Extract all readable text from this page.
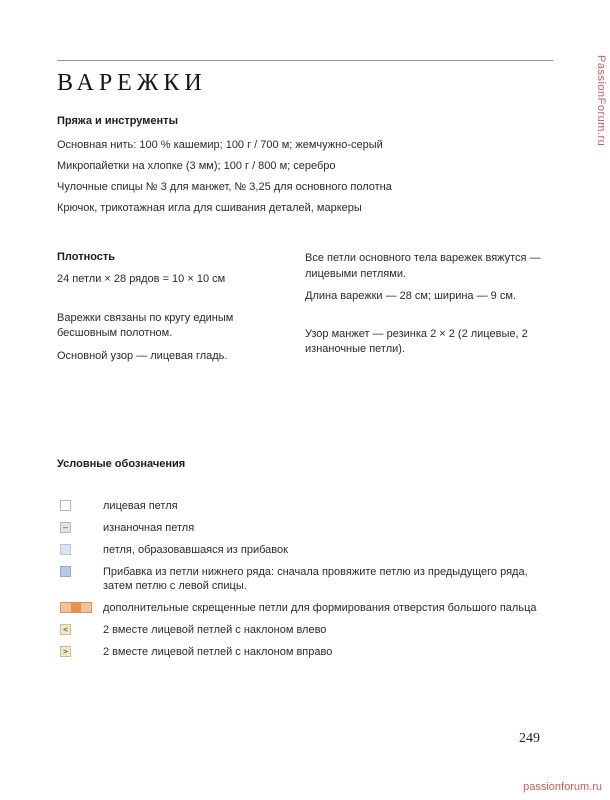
PassionForum.ru
ВАРЕЖКИ
Пряжа и инструменты

Основная нить: 100 % кашемир; 100 г / 700 м; жемчужно-серый

Микропайетки на хлопке (3 мм); 100 г / 800 м; серебро

Чулочные спицы № 3 для манжет, № 3,25 для основного полотна

Крючок, трикотажная игла для сшивания деталей, маркеры

Плотность

24 петли × 28 рядов = 10 × 10 см

Варежки связаны по кругу единым бесшовным полотном.

Основной узор — лицевая гладь.

Все петли основного тела варежек вяжутся — лицевыми петлями.

Длина варежки — 28 см; ширина — 9 см.

Узор манжет — резинка 2 × 2 (2 лицевые, 2 изнаночные петли).

Условные обозначения
лицевая петля
–	изнаночная петля
петля, образовавшаяся из прибавок
Прибавка из петли нижнего ряда: сначала провяжите петлю из предыдущего ряда, затем петлю с левой спицы.
дополнительные скрещенные петли для формирования отверстия большого пальца
<	2 вместе лицевой петлей с наклоном влево
>	2 вместе лицевой петлей с наклоном вправо
249
passionforum.ru
